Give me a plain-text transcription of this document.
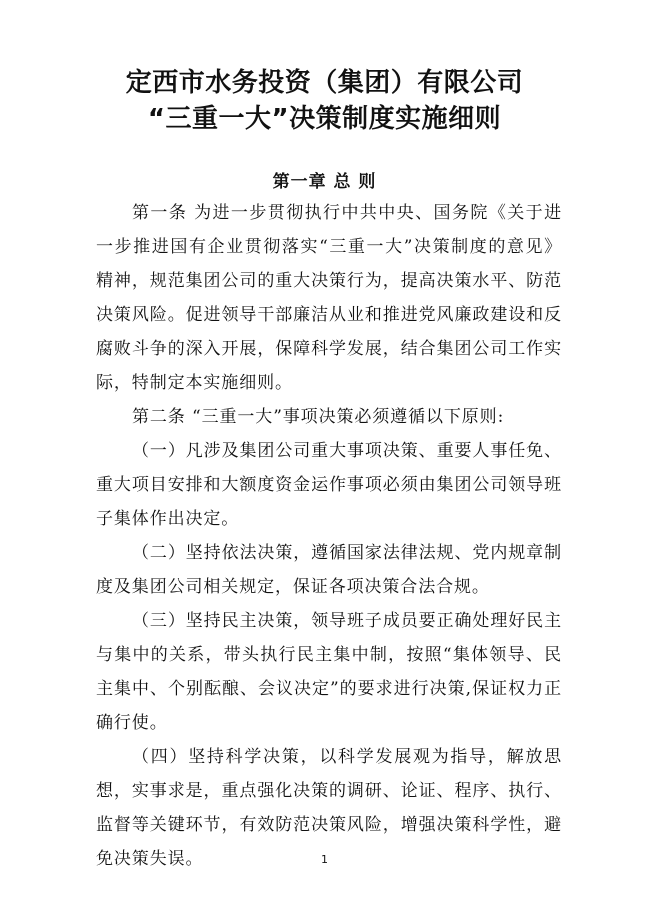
定西市水务投资（集团）有限公司
“三重一大”决策制度实施细则
第一章 总 则

第一条 为进一步贯彻执行中共中央、国务院《关于进一步推进国有企业贯彻落实“三重一大”决策制度的意见》精神，规范集团公司的重大决策行为，提高决策水平、防范决策风险。促进领导干部廉洁从业和推进党风廉政建设和反腐败斗争的深入开展，保障科学发展，结合集团公司工作实际，特制定本实施细则。

第二条 “三重一大”事项决策必须遵循以下原则:

（一）凡涉及集团公司重大事项决策、重要人事任免、重大项目安排和大额度资金运作事项必须由集团公司领导班子集体作出决定。

（二）坚持依法决策，遵循国家法律法规、党内规章制度及集团公司相关规定，保证各项决策合法合规。

（三）坚持民主决策，领导班子成员要正确处理好民主与集中的关系，带头执行民主集中制，按照“集体领导、民主集中、个别酝酿、会议决定”的要求进行决策,保证权力正确行使。

（四）坚持科学决策，以科学发展观为指导，解放思想，实事求是，重点强化决策的调研、论证、程序、执行、监督等关键环节，有效防范决策风险，增强决策科学性，避免决策失误。	1
